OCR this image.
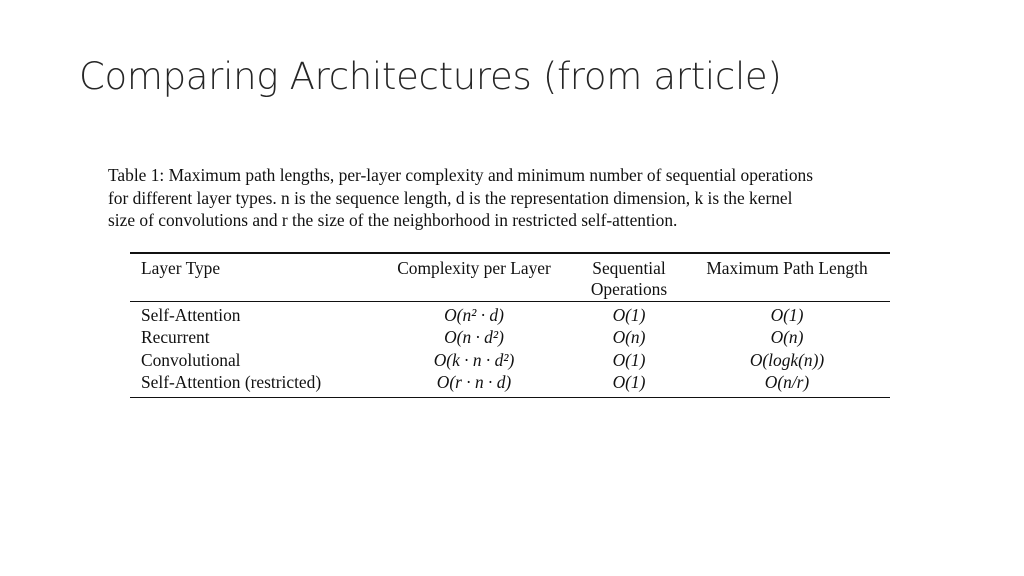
Comparing Architectures (from article)

Table 1: Maximum path lengths, per-layer complexity and minimum number of sequential operations
for different layer types. n is the sequence length, d is the representation dimension, k is the kernel
size of convolutions and r the size of the neighborhood in restricted self-attention.

Layer Type	Complexity per Layer	Sequential Operations	Maximum Path Length
Self-Attention	O(n² · d)	O(1)	O(1)
Recurrent	O(n · d²)	O(n)	O(n)
Convolutional	O(k · n · d²)	O(1)	O(logk(n))
Self-Attention (restricted)	O(r · n · d)	O(1)	O(n/r)
